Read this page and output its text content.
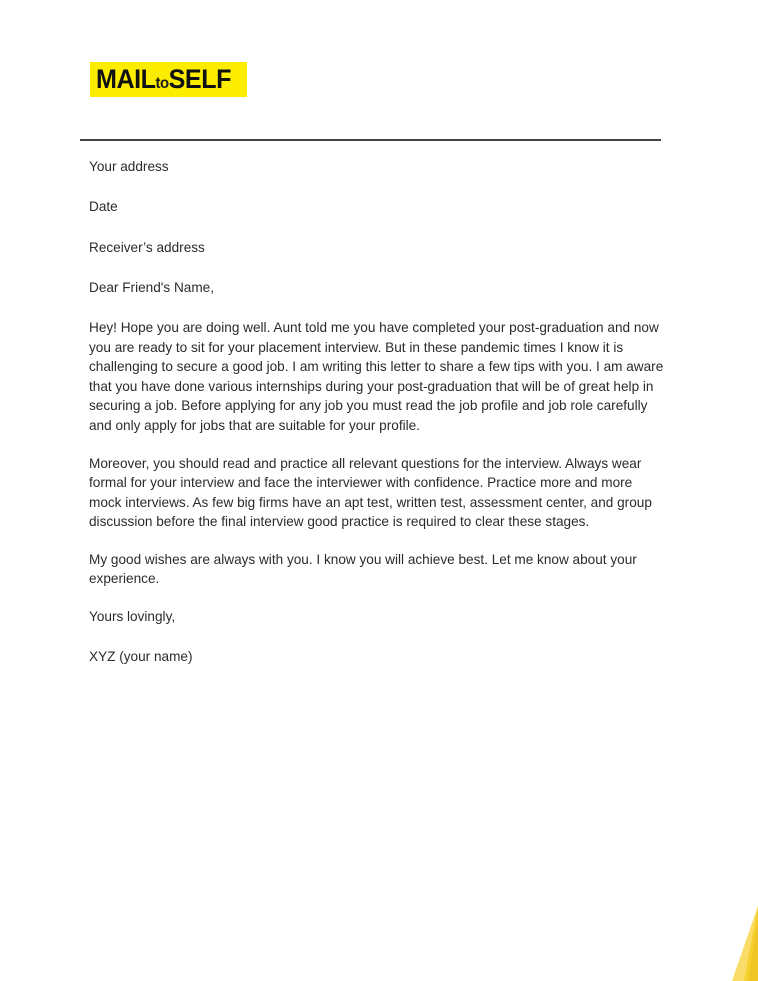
MAILtoSELF

Your address

Date

Receiver’s address

Dear Friend's Name,

Hey! Hope you are doing well. Aunt told me you have completed your post-graduation and now you are ready to sit for your placement interview. But in these pandemic times I know it is challenging to secure a good job. I am writing this letter to share a few tips with you. I am aware that you have done various internships during your post-graduation that will be of great help in securing a job. Before applying for any job you must read the job profile and job role carefully and only apply for jobs that are suitable for your profile.

Moreover, you should read and practice all relevant questions for the interview. Always wear formal for your interview and face the interviewer with confidence. Practice more and more mock interviews. As few big firms have an apt test, written test, assessment center, and group discussion before the final interview good practice is required to clear these stages.

My good wishes are always with you. I know you will achieve best. Let me know about your experience.

Yours lovingly,

XYZ (your name)
